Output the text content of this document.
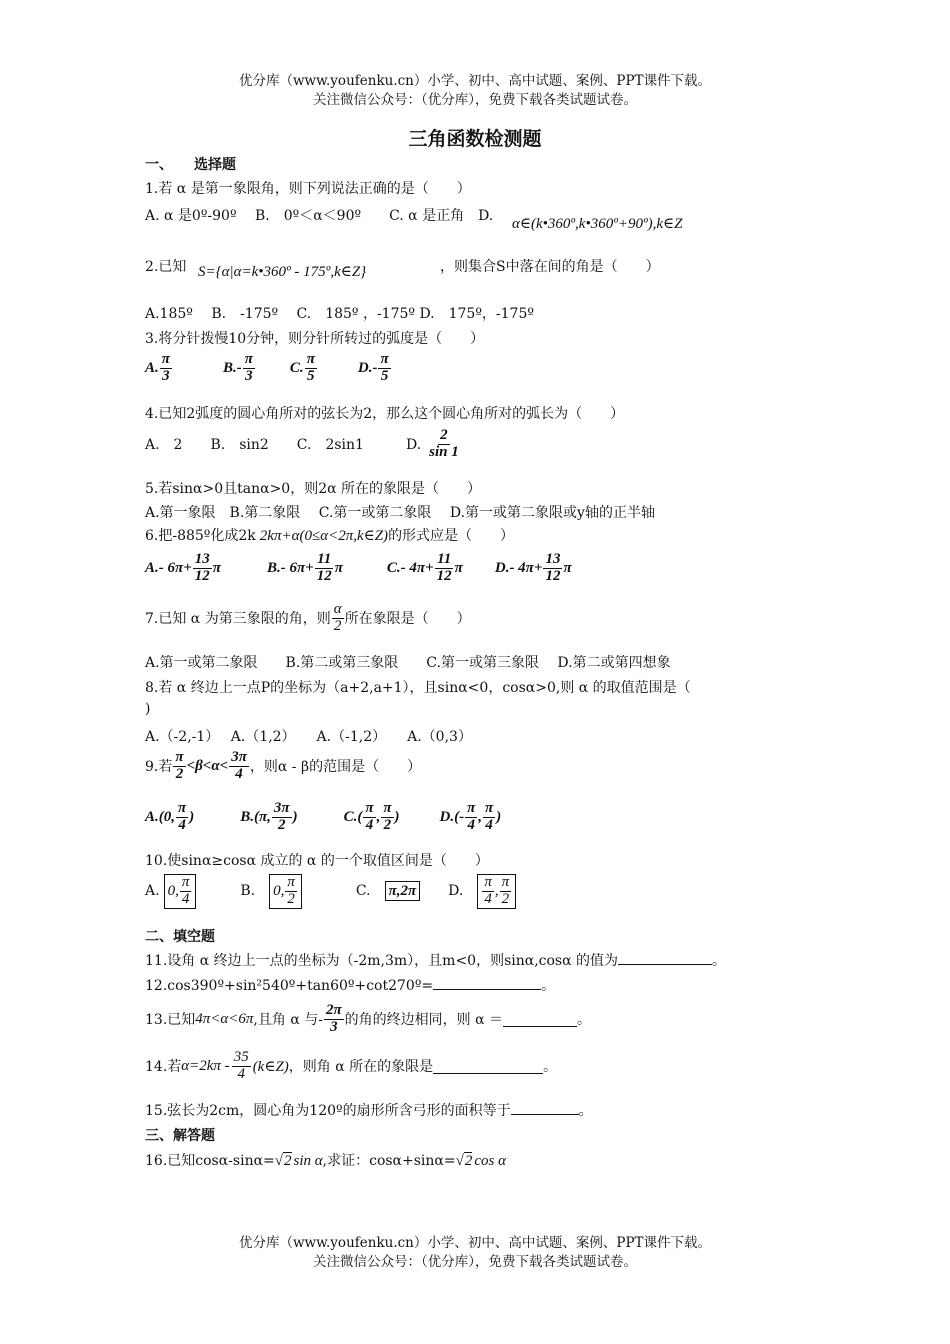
优分库（www.youfenku.cn）小学、初中、高中试题、案例、PPT课件下载。
关注微信公众号：（优分库），免费下载各类试题试卷。
三角函数检测题
一、　　选择题
1.若 α 是第一象限角，则下列说法正确的是（　　）
A. α 是0º-90º　 B.　0º＜α＜90º　　C. α 是正角　D. α∈(k•360º,k•360º+90º),k∈Z
2.已知 S={α|α=k•360º - 175º,k∈Z}	，则集合S中落在间的角是（　　）
A.185º　 B.　-175º　 C.　185º ，-175º D.　175º，-175º
3.将分针拨慢10分钟，则分针所转过的弧度是（　　）
A. $\frac{\pi}{3}$	$B.- \frac{\pi}{3} C$. $\frac{\pi}{5}$	$D.- \frac{\pi}{5}$
4.已知2弧度的圆心角所对的弦长为2，那么这个圆心角所对的弧长为（　　）
A.　2　　B.　sin2　　C.　2sin1　　　D. $\frac{2}{\sin 1}$
5.若sinα>0且tanα>0，则2α 所在的象限是（　　）
A.第一象限　B.第二象限　 C.第一或第二象限　 D.第一或第二象限或y轴的正半轴
6.把-885º化成2k 2kπ+α(0≤α<2π,k∈Z) 的形式应是（　　）
A.- $6\pi+ \frac{13}{12}$ π	B.- $6\pi+ \frac{11}{12}$ π	C.- $4\pi+ \frac{11}{12}$ π D.- $4\pi+ \frac{13}{12}$ π
7.已知 α 为第三象限的角，则 $\frac{\alpha}{2}$ 所在象限是（　　）
A.第一或第二象限　　B.第二或第三象限　　C.第一或第三象限　 D.第二或第四想象
8.若 α 终边上一点P的坐标为（a+2,a+1），且sinα<0，cosα>0,则 α 的取值范围是（
)
A.（-2,-1）　 A.（1,2）　　A.（-1,2）　　A.（0,3）
9.若 $\frac{\pi}{2} <\beta<\alpha< \frac{3\pi}{4}$ ，则α - β的范围是（　　）
A.(0, $\frac{\pi}{4}$ )	B.(π, $\frac{3\pi}{2}$ )	$C.( \frac{\pi}{4}$ , $\frac{\pi}{2}$ )	$D.(- \frac{\pi}{4}$ , $\frac{\pi}{4}$ )
10.使sinα≥cosα 成立的 α 的一个取值区间是（　　）
A. 0, $\frac{\pi}{4}$	B. 0, $\frac{\pi}{2}$	C. π,2π D. $\frac{\pi}{4}$ , $\frac{\pi}{2}$
二、填空题
11.设角 α 终边上一点的坐标为（-2m,3m），且m<0，则sinα,cosα 的值为	。
12.cos390º+sin²540º+tan60º+cot270º=	。
13.已知 4π<α<6π ,且角 α 与- $\frac{2\pi}{3}$ 的角的终边相同，则 α ＝	。
14.若 $\alpha=2k\pi - \frac{35}{4}$ (k∈Z) ，则角 α 所在的象限是	。
15.弦长为2cm，圆心角为120º的扇形所含弓形的面积等于	。
三、解答题
16.已知cosα-sinα= √2 sin α ,求证：cosα+sinα= √2 cos α
优分库（www.youfenku.cn）小学、初中、高中试题、案例、PPT课件下载。
关注微信公众号：（优分库），免费下载各类试题试卷。
